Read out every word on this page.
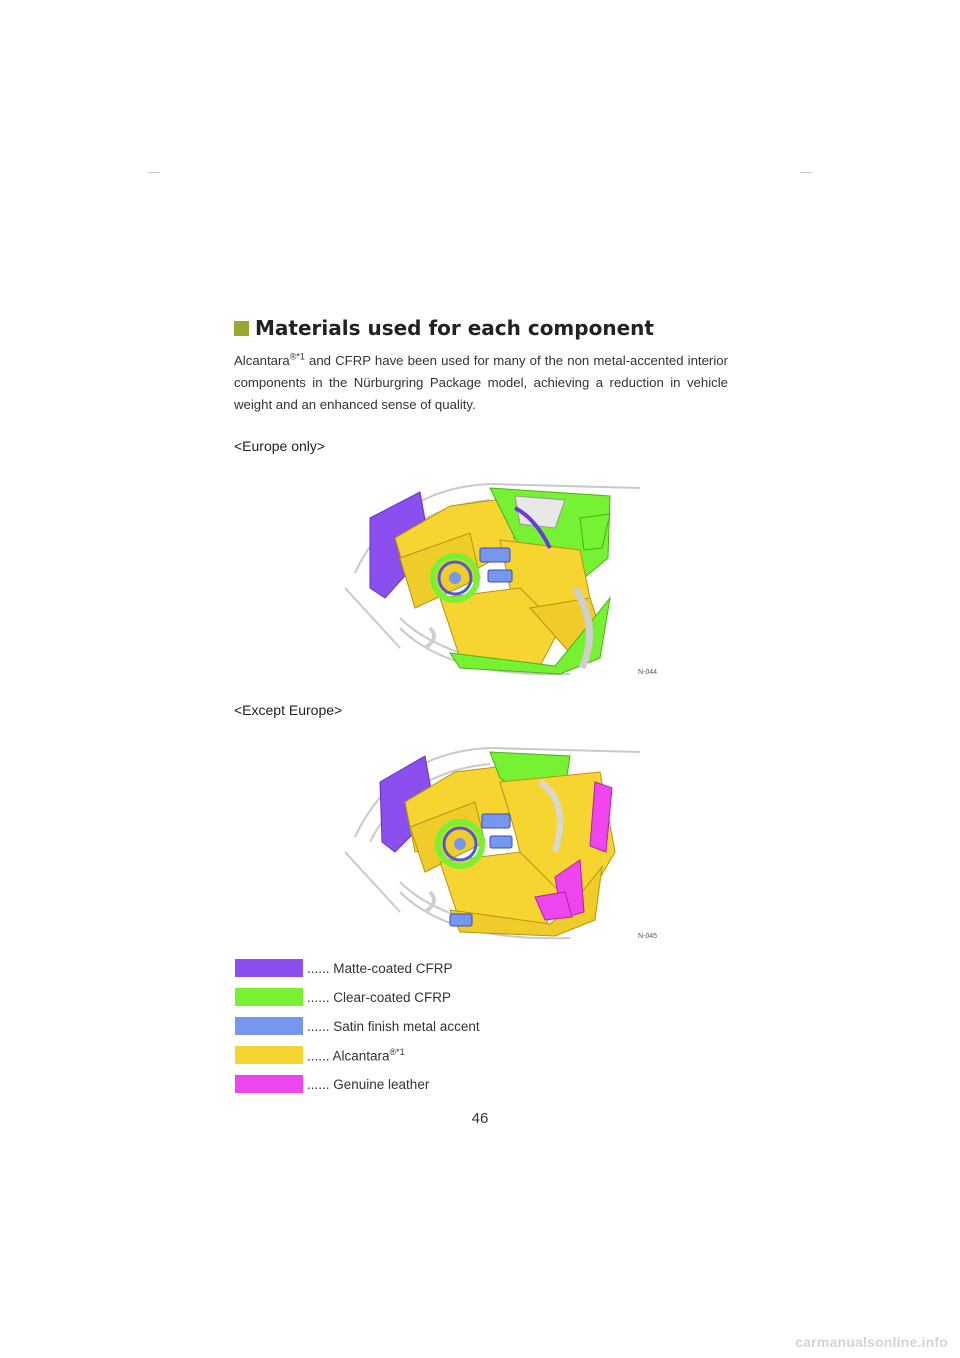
Materials used for each component
Alcantara$^{®*1}$ and CFRP have been used for many of the non metal-accented interior components in the Nürburgring Package model, achieving a reduction in vehicle weight and an enhanced sense of quality.
<Europe only>
N-044
<Except Europe>
N-045
...... Matte-coated CFRP
...... Clear-coated CFRP
...... Satin finish metal accent
...... Alcantara$^{®*1}$
...... Genuine leather
46
carmanualsonline.info
